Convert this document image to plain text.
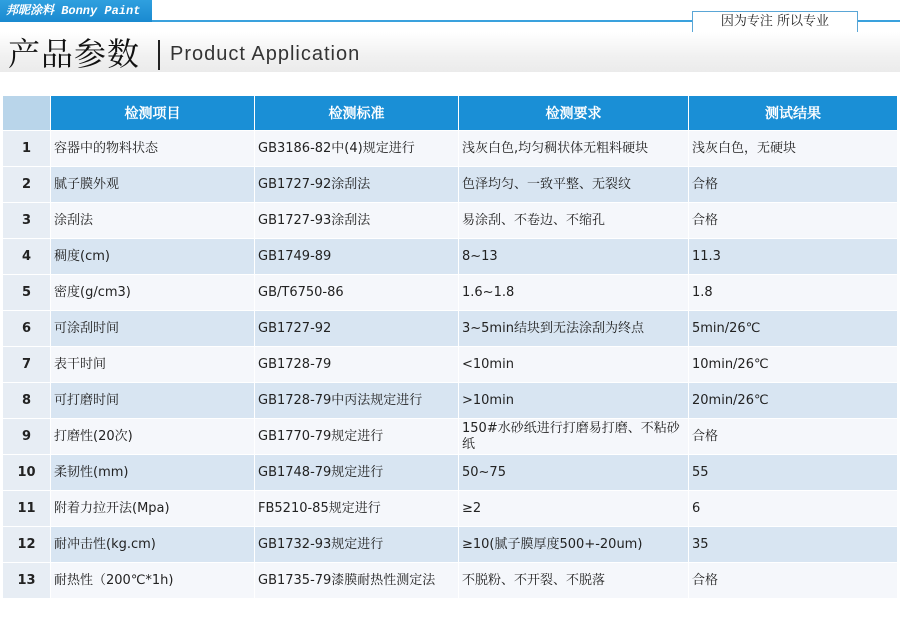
邦昵涂料 Bonny Paint
因为专注 所以专业
产品参数 Product Application
	检测项目	检测标准	检测要求	测试结果
1	容器中的物料状态	GB3186-82中(4)规定进行	浅灰白色,均匀稠状体无粗料硬块	浅灰白色，无硬块
2	腻子膜外观	GB1727-92涂刮法	色泽均匀、一致平整、无裂纹	合格
3	涂刮法	GB1727-93涂刮法	易涂刮、不卷边、不缩孔	合格
4	稠度(cm)	GB1749-89	8~13	11.3
5	密度(g/cm3)	GB/T6750-86	1.6~1.8	1.8
6	可涂刮时间	GB1727-92	3~5min结块到无法涂刮为终点	5min/26℃
7	表干时间	GB1728-79	<10min	10min/26℃
8	可打磨时间	GB1728-79中丙法规定进行	>10min	20min/26℃
9	打磨性(20次)	GB1770-79规定进行	150#水砂纸进行打磨易打磨、不粘砂纸	合格
10	柔韧性(mm)	GB1748-79规定进行	50~75	55
11	附着力拉开法(Mpa)	FB5210-85规定进行	≥2	6
12	耐冲击性(kg.cm)	GB1732-93规定进行	≥10(腻子膜厚度500+-20um)	35
13	耐热性（200℃*1h)	GB1735-79漆膜耐热性测定法	不脱粉、不开裂、不脱落	合格
